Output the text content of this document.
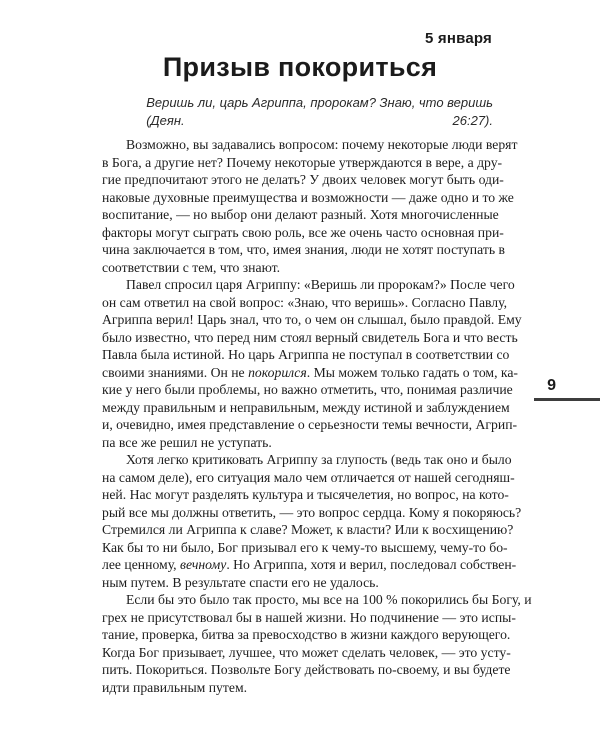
5 января
Призыв покориться
Веришь ли, царь Агриппа, пророкам? Знаю, что веришь
(Деян. 26:27).
Возможно, вы задавались вопросом: почему некоторые люди верят
в Бога, а другие нет? Почему некоторые утверждаются в вере, а дру-
гие предпочитают этого не делать? У двоих человек могут быть оди-
наковые духовные преимущества и возможности — даже одно и то же
воспитание, — но выбор они делают разный. Хотя многочисленные
факторы могут сыграть свою роль, все же очень часто основная при-
чина заключается в том, что, имея знания, люди не хотят поступать в
соответствии с тем, что знают.
Павел спросил царя Агриппу: «Веришь ли пророкам?» После чего
он сам ответил на свой вопрос: «Знаю, что веришь». Согласно Павлу,
Агриппа верил! Царь знал, что то, о чем он слышал, было правдой. Ему
было известно, что перед ним стоял верный свидетель Бога и что весть
Павла была истиной. Но царь Агриппа не поступал в соответствии со
своими знаниями. Он не покорился. Мы можем только гадать о том, ка-
кие у него были проблемы, но важно отметить, что, понимая различие
между правильным и неправильным, между истиной и заблуждением
и, очевидно, имея представление о серьезности темы вечности, Агрип-
па все же решил не уступать.
Хотя легко критиковать Агриппу за глупость (ведь так оно и было
на самом деле), его ситуация мало чем отличается от нашей сегодняш-
ней. Нас могут разделять культура и тысячелетия, но вопрос, на кото-
рый все мы должны ответить, — это вопрос сердца. Кому я покоряюсь?
Стремился ли Агриппа к славе? Может, к власти? Или к восхищению?
Как бы то ни было, Бог призывал его к чему-то высшему, чему-то бо-
лее ценному, вечному. Но Агриппа, хотя и верил, последовал собствен-
ным путем. В результате спасти его не удалось.
Если бы это было так просто, мы все на 100 % покорились бы Богу, и
грех не присутствовал бы в нашей жизни. Но подчинение — это испы-
тание, проверка, битва за превосходство в жизни каждого верующего.
Когда Бог призывает, лучшее, что может сделать человек, — это усту-
пить. Покориться. Позвольте Богу действовать по-своему, и вы будете
идти правильным путем.
9
